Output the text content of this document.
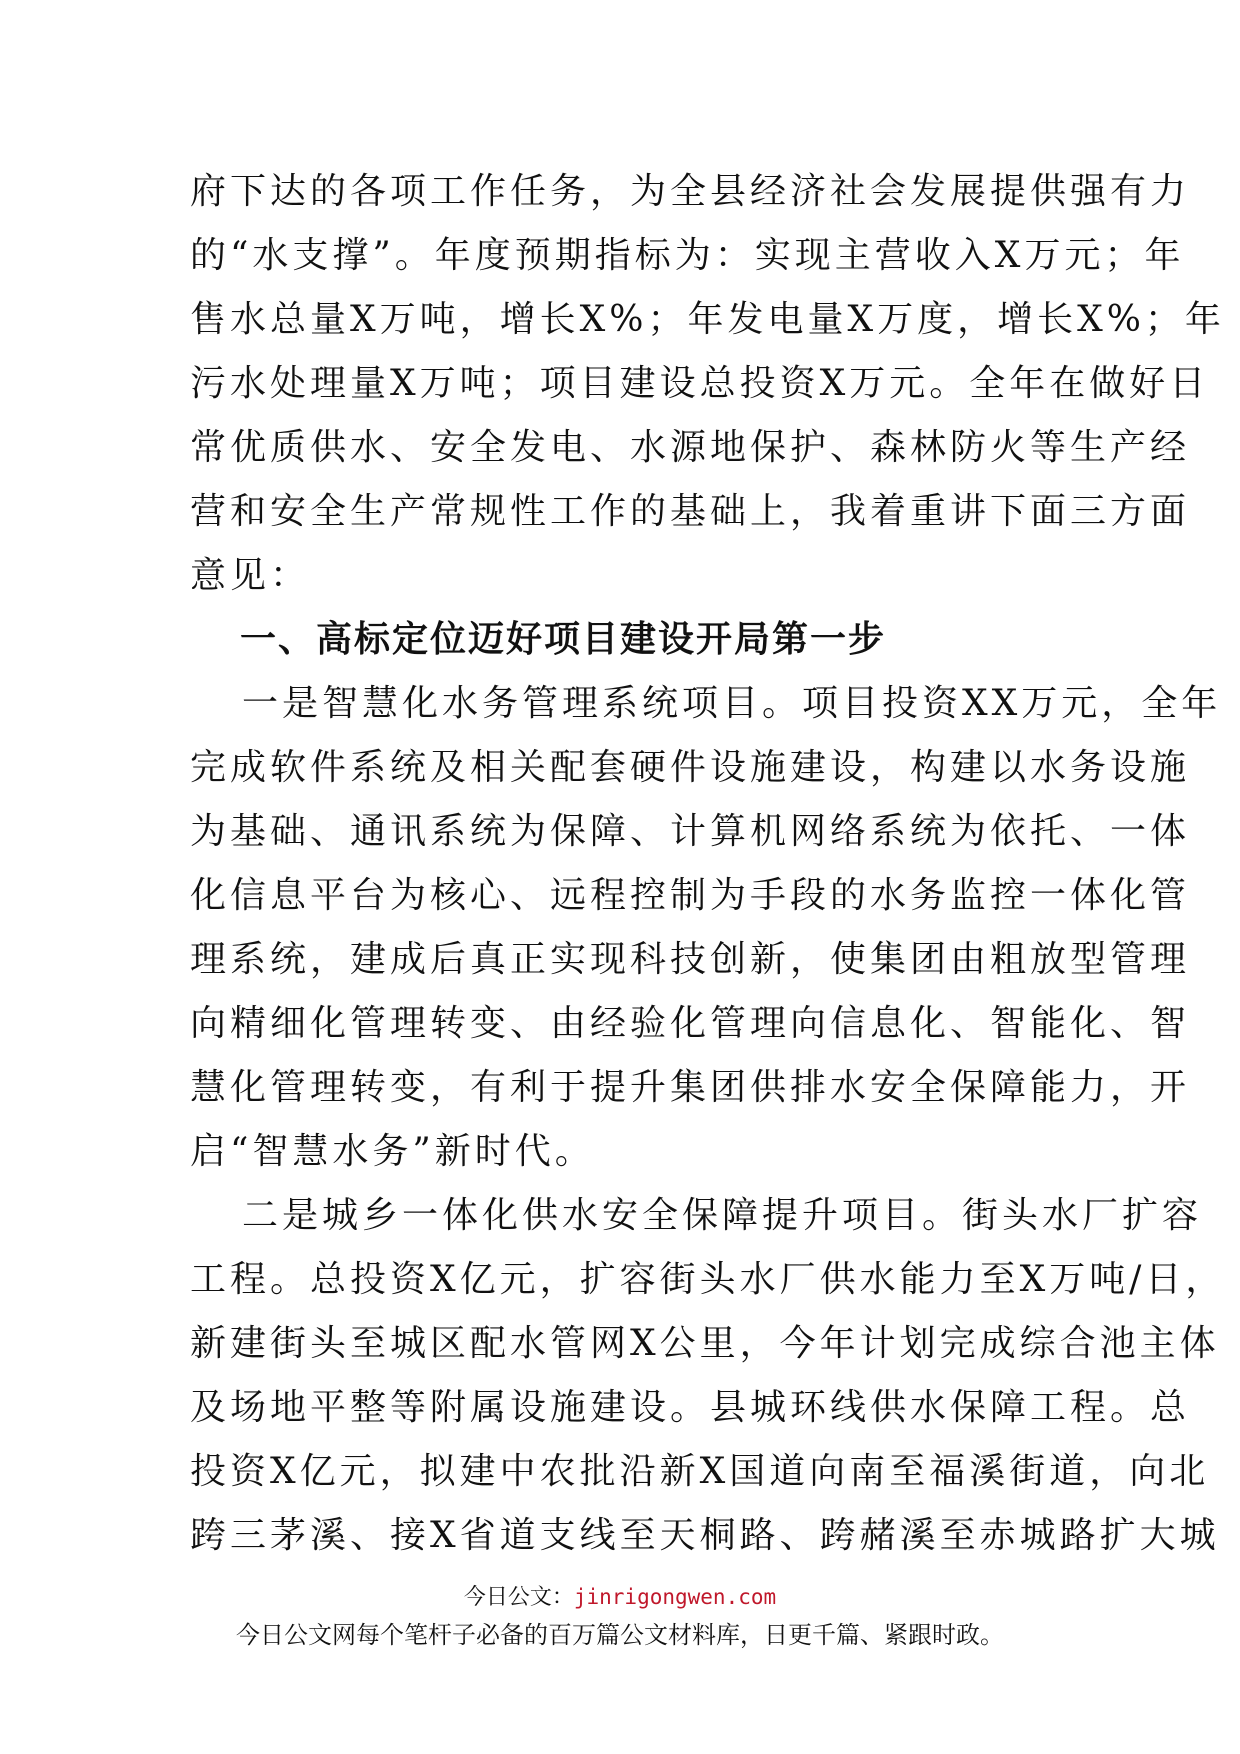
府下达的各项工作任务，为全县经济社会发展提供强有力
的“水支撑”。年度预期指标为：实现主营收入X万元；年
售水总量X万吨，增长X%；年发电量X万度，增长X%；年
污水处理量X万吨；项目建设总投资X万元。全年在做好日
常优质供水、安全发电、水源地保护、森林防火等生产经
营和安全生产常规性工作的基础上，我着重讲下面三方面
意见：
一、高标定位迈好项目建设开局第一步
一是智慧化水务管理系统项目。项目投资XX万元，全年
完成软件系统及相关配套硬件设施建设，构建以水务设施
为基础、通讯系统为保障、计算机网络系统为依托、一体
化信息平台为核心、远程控制为手段的水务监控一体化管
理系统，建成后真正实现科技创新，使集团由粗放型管理
向精细化管理转变、由经验化管理向信息化、智能化、智
慧化管理转变，有利于提升集团供排水安全保障能力，开
启“智慧水务”新时代。
二是城乡一体化供水安全保障提升项目。街头水厂扩容
工程。总投资X亿元，扩容街头水厂供水能力至X万吨/日，
新建街头至城区配水管网X公里，今年计划完成综合池主体
及场地平整等附属设施建设。县城环线供水保障工程。总
投资X亿元，拟建中农批沿新X国道向南至福溪街道，向北
跨三茅溪、接X省道支线至天桐路、跨赭溪至赤城路扩大城
今日公文：jinrigongwen.com
今日公文网每个笔杆子必备的百万篇公文材料库，日更千篇、紧跟时政。
